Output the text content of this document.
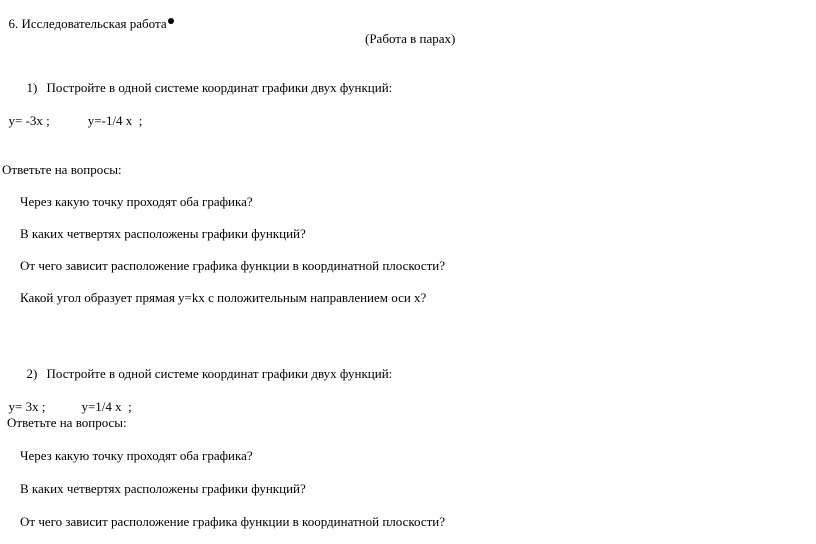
6. Исследовательская работа

(Работа в парах)

1) Постройте в одной системе координат графики двух функций:

y= -3x ;	y=-1/4 x  ;

Ответьте на вопросы:
Через какую точку проходят оба графика?
В каких четвертях расположены графики функций?
От чего зависит расположение графика функции в координатной плоскости?
Какой угол образует прямая y=kx с положительным направлением оси x?

2) Постройте в одной системе координат графики двух функций:

y= 3x ;	y=1/4 x  ;

Ответьте на вопросы:
Через какую точку проходят оба графика?
В каких четвертях расположены графики функций?
От чего зависит расположение графика функции в координатной плоскости?
